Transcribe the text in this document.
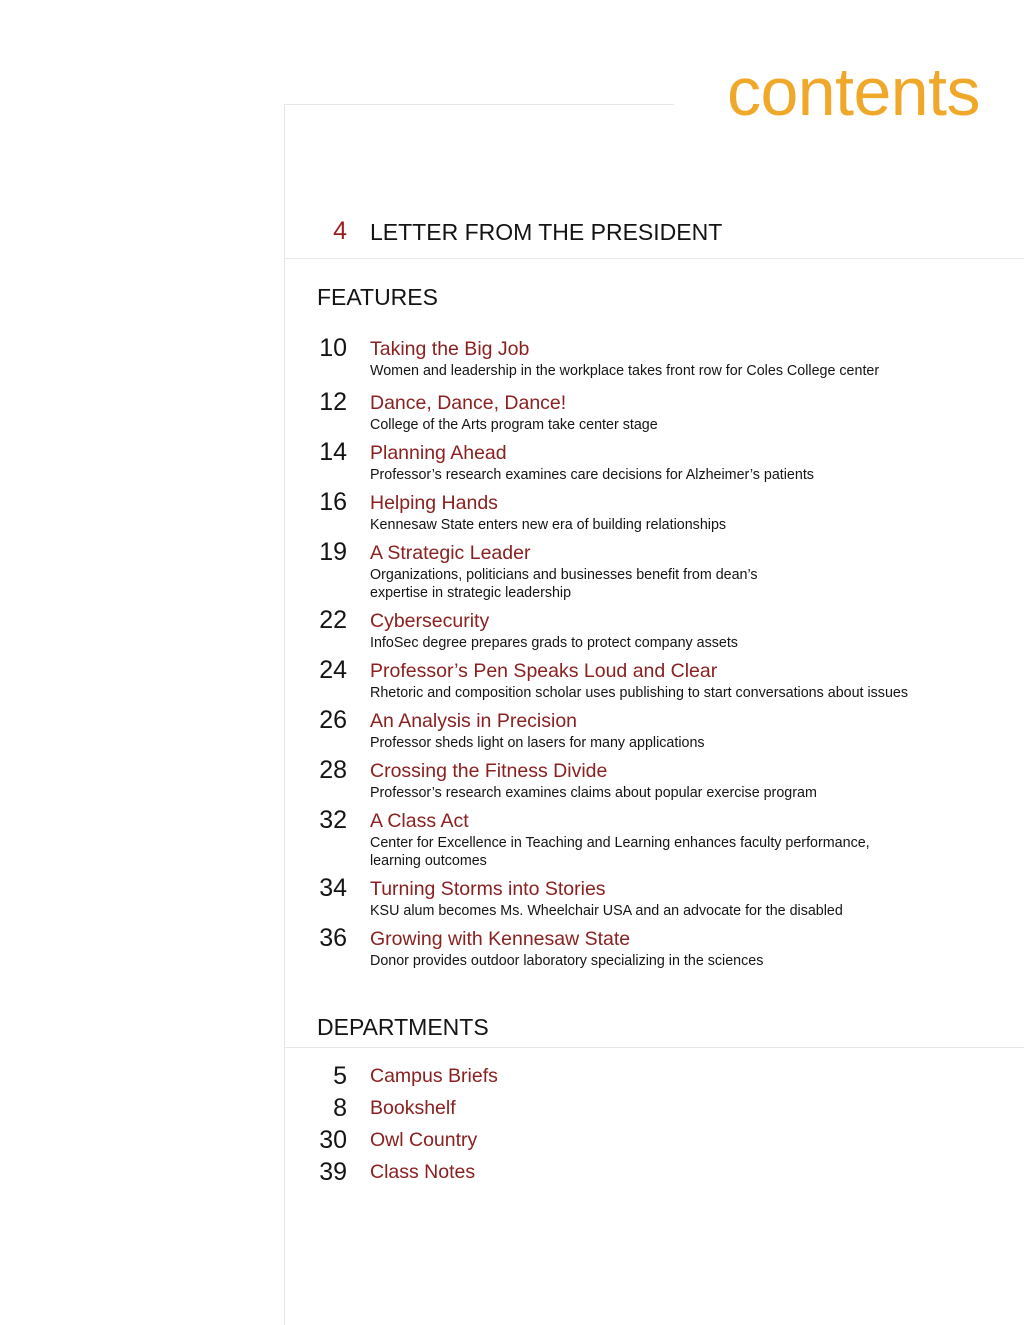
contents
4 LETTER FROM THE PRESIDENT
FEATURES
10 Taking the Big Job
Women and leadership in the workplace takes front row for Coles College center
12 Dance, Dance, Dance!
College of the Arts program take center stage
14 Planning Ahead
Professor’s research examines care decisions for Alzheimer’s patients
16 Helping Hands
Kennesaw State enters new era of building relationships
19 A Strategic Leader
Organizations, politicians and businesses benefit from dean’s expertise in strategic leadership
22 Cybersecurity
InfoSec degree prepares grads to protect company assets
24 Professor’s Pen Speaks Loud and Clear
Rhetoric and composition scholar uses publishing to start conversations about issues
26 An Analysis in Precision
Professor sheds light on lasers for many applications
28 Crossing the Fitness Divide
Professor’s research examines claims about popular exercise program
32 A Class Act
Center for Excellence in Teaching and Learning enhances faculty performance, learning outcomes
34 Turning Storms into Stories
KSU alum becomes Ms. Wheelchair USA and an advocate for the disabled
36 Growing with Kennesaw State
Donor provides outdoor laboratory specializing in the sciences
DEPARTMENTS
5 Campus Briefs
8 Bookshelf
30 Owl Country
39 Class Notes
